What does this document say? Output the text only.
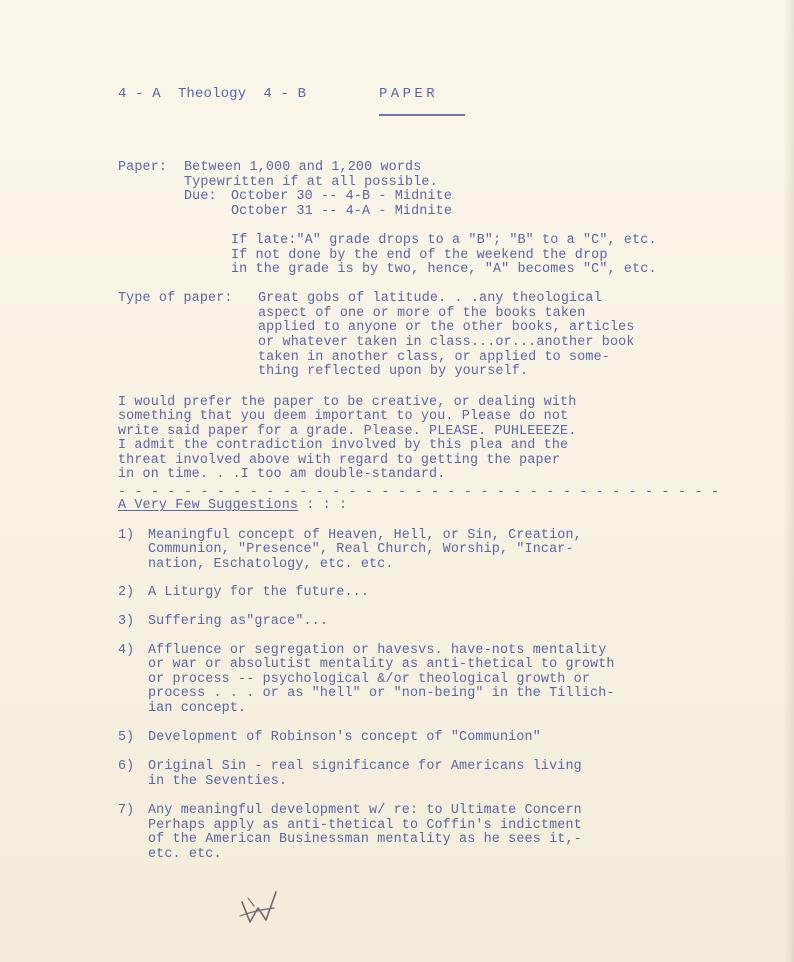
4 - A  Theology  4 - B	PAPER
Paper: Between 1,000 and 1,200 words
Typewritten if at all possible.
Due: October 30 -- 4-B - Midnite
October 31 -- 4-A - Midnite
If late:"A" grade drops to a "B"; "B" to a "C", etc.
If not done by the end of the weekend the drop
in the grade is by two, hence, "A" becomes "C", etc.
Type of paper: Great gobs of latitude. . .any theological
aspect of one or more of the books taken
applied to anyone or the other books, articles
or whatever taken in class...or...another book
taken in another class, or applied to some-
thing reflected upon by yourself.
I would prefer the paper to be creative, or dealing with
something that you deem important to you. Please do not
write said paper for a grade. Please. PLEASE. PUHLEEEZE.
I admit the contradiction involved by this plea and the
threat involved above with regard to getting the paper
in on time. . .I too am double-standard.
- - - - - - - - - - - - - - - - - - - - - - - - - - - - - - - - - - - - -
A Very Few Suggestions : : :
1) Meaningful concept of Heaven, Hell, or Sin, Creation,
Communion, "Presence", Real Church, Worship, "Incar-
nation, Eschatology, etc. etc.
2) A Liturgy for the future...
3) Suffering as"grace"...
4) Affluence or segregation or havesvs. have-nots mentality
or war or absolutist mentality as anti-thetical to growth
or process -- psychological &/or theological growth or
process . . . or as "hell" or "non-being" in the Tillich-
ian concept.
5) Development of Robinson's concept of "Communion"
6) Original Sin - real significance for Americans living
in the Seventies.
7) Any meaningful development w/ re: to Ultimate Concern
Perhaps apply as anti-thetical to Coffin's indictment
of the American Businessman mentality as he sees it,-
etc. etc.
